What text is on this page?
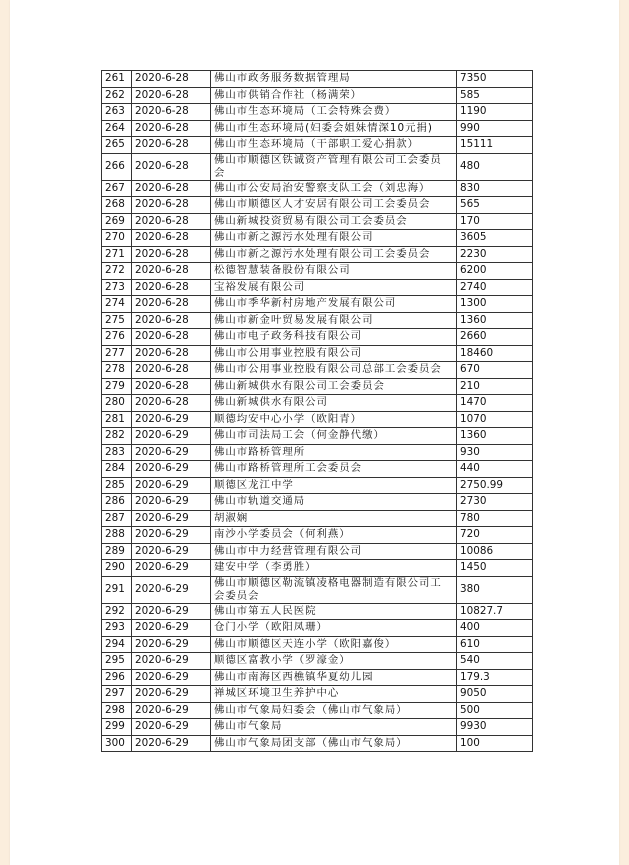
261	2020-6-28	佛山市政务服务数据管理局	7350
262	2020-6-28	佛山市供销合作社（杨满荣）	585
263	2020-6-28	佛山市生态环境局（工会特殊会费）	1190
264	2020-6-28	佛山市生态环境局(妇委会姐妹情深10元捐)	990
265	2020-6-28	佛山市生态环境局（干部职工爱心捐款）	15111
266	2020-6-28	佛山市顺德区铁诚资产管理有限公司工会委员会	480
267	2020-6-28	佛山市公安局治安警察支队工会（刘忠海）	830
268	2020-6-28	佛山市顺德区人才安居有限公司工会委员会	565
269	2020-6-28	佛山新城投资贸易有限公司工会委员会	170
270	2020-6-28	佛山市新之源污水处理有限公司	3605
271	2020-6-28	佛山市新之源污水处理有限公司工会委员会	2230
272	2020-6-28	松德智慧装备股份有限公司	6200
273	2020-6-28	宝裕发展有限公司	2740
274	2020-6-28	佛山市季华新村房地产发展有限公司	1300
275	2020-6-28	佛山市新金叶贸易发展有限公司	1360
276	2020-6-28	佛山市电子政务科技有限公司	2660
277	2020-6-28	佛山市公用事业控股有限公司	18460
278	2020-6-28	佛山市公用事业控股有限公司总部工会委员会	670
279	2020-6-28	佛山新城供水有限公司工会委员会	210
280	2020-6-28	佛山新城供水有限公司	1470
281	2020-6-29	顺德均安中心小学（欧阳青）	1070
282	2020-6-29	佛山市司法局工会（何金静代缴）	1360
283	2020-6-29	佛山市路桥管理所	930
284	2020-6-29	佛山市路桥管理所工会委员会	440
285	2020-6-29	顺德区龙江中学	2750.99
286	2020-6-29	佛山市轨道交通局	2730
287	2020-6-29	胡淑娴	780
288	2020-6-29	南沙小学委员会（何利燕）	720
289	2020-6-29	佛山市中力经营管理有限公司	10086
290	2020-6-29	建安中学（李勇胜）	1450
291	2020-6-29	佛山市顺德区勒流镇凌格电器制造有限公司工会委员会	380
292	2020-6-29	佛山市第五人民医院	10827.7
293	2020-6-29	仓门小学（欧阳凤珊）	400
294	2020-6-29	佛山市顺德区天连小学（欧阳嘉俊）	610
295	2020-6-29	顺德区富教小学（罗濠金）	540
296	2020-6-29	佛山市南海区西樵镇华夏幼儿园	179.3
297	2020-6-29	禅城区环境卫生养护中心	9050
298	2020-6-29	佛山市气象局妇委会（佛山市气象局）	500
299	2020-6-29	佛山市气象局	9930
300	2020-6-29	佛山市气象局团支部（佛山市气象局）	100
